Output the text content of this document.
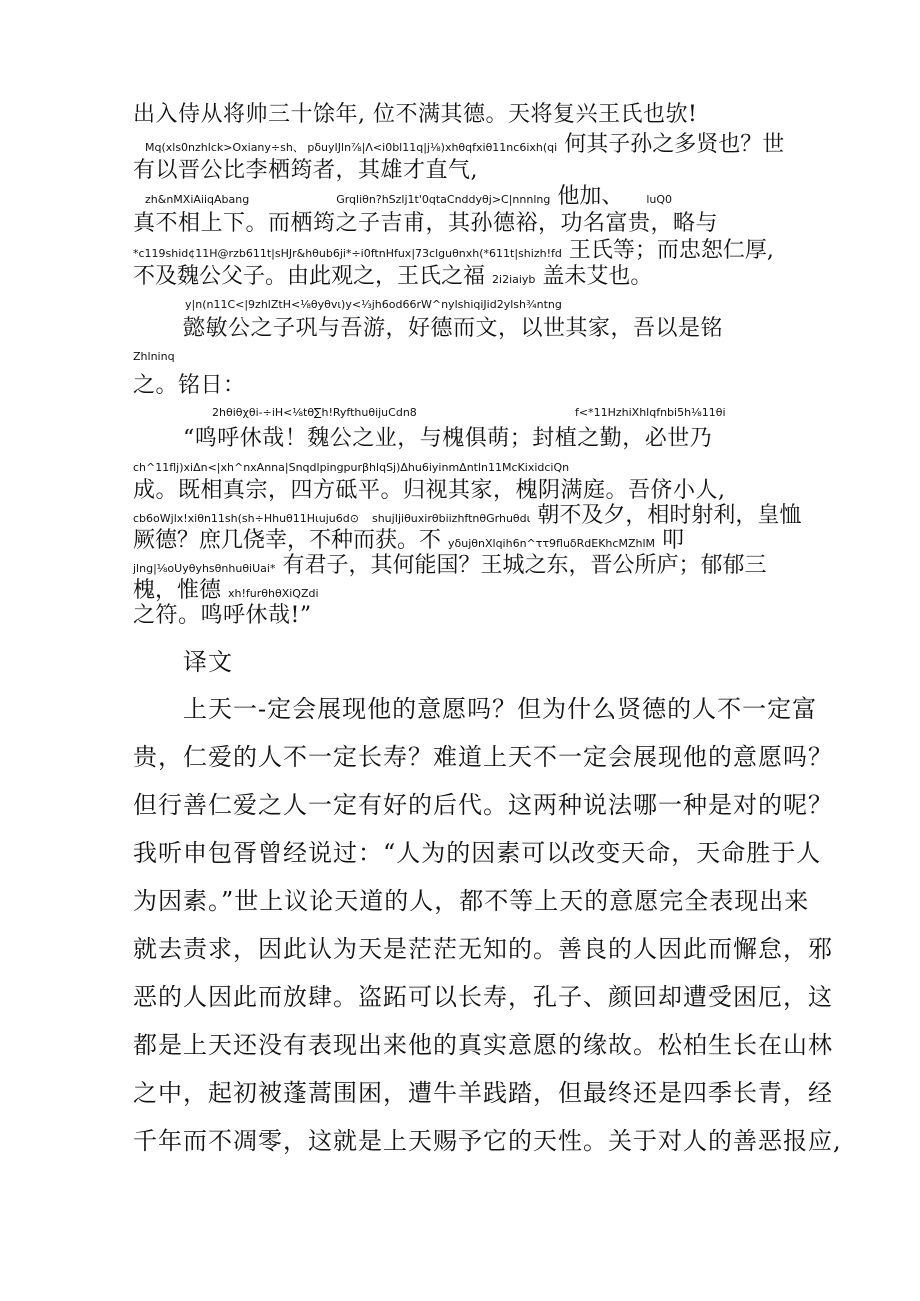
出入侍从将帅三十馀年, 位不满其德。天将复兴王氏也欤!
Mq(xls0nzhlck>Oxiany÷sh、 pδuyIJln⅞|Λ<i0bl11q|j⅛)xhθqfxiθ11nc6ixh(qi 何其子孙之多贤也？世
有以晋公比李栖筠者，其雄才直气,
zh&nMXiAiiqAbang	Grqliθn?hSzlj1t'0qtaCnddyθj>C|nnnlng 他加、 luQ0
真不相上下。而栖筠之子吉甫，其孙德裕，功名富贵，略与
*c119shid¢11H@rzb611t|sHJr&hθub6ji*÷i0ftnHfux|73clguθnxh(*611t|shizh!fd 王氏等；而忠恕仁厚,
不及魏公父子。由此观之，王氏之福 2i2iaiyb 盖未艾也。
y|n(n11C<|9zhlZtH<⅛θyθvι)y<⅓jh6od66rW^nylshiqiJid2ylsh¾ntng
懿敏公之子巩与吾游，好德而文，以世其家，吾以是铭
Zhlninq
之。铭日：
2hθiθχθi-÷iH<⅛tθ∑h!RyfthuθijuCdn8	f<*11HzhiXhlqfnbi5h⅛11θi
“鸣呼休哉！魏公之业，与槐俱萌；封植之勤，必世乃
ch^11flj)xiΔn<|xh^nxAnna|SnqdlpingpurβhlqSj)Δhu6iyinmΔntln11McKixidciQn
成。既相真宗，四方砥平。归视其家，槐阴满庭。吾侪小人,
cb6oWjlx!xiθn11sh(sh÷Hhuθ11Hιuju6d⊙ shujIjiθuxirθbiizhftnθGrhuθdι 朝不及夕，相时射利，皇恤
厥德？庶几侥幸，不种而获。不 yδujθnXlqih6n^ττ9fluδRdEKhcMZhlM 叩
jlng|⅛oUyθyhsθnhuθiUai* 有君子，其何能国？王城之东，晋公所庐；郁郁三
槐，惟德 xh!furθhθXiQZdi
之符。鸣呼休哉!”
译文
上天一-定会展现他的意愿吗？但为什么贤德的人不一定富
贵，仁爱的人不一定长寿？难道上天不一定会展现他的意愿吗？
但行善仁爱之人一定有好的后代。这两种说法哪一种是对的呢？
我听申包胥曾经说过：“人为的因素可以改变天命，天命胜于人
为因素。”世上议论天道的人，都不等上天的意愿完全表现出来
就去责求，因此认为天是茫茫无知的。善良的人因此而懈怠，邪
恶的人因此而放肆。盗跖可以长寿，孔子、颜回却遭受困厄，这
都是上天还没有表现出来他的真实意愿的缘故。松柏生长在山林
之中，起初被蓬蒿围困，遭牛羊践踏，但最终还是四季长青，经
千年而不凋零，这就是上天赐予它的天性。关于对人的善恶报应,
